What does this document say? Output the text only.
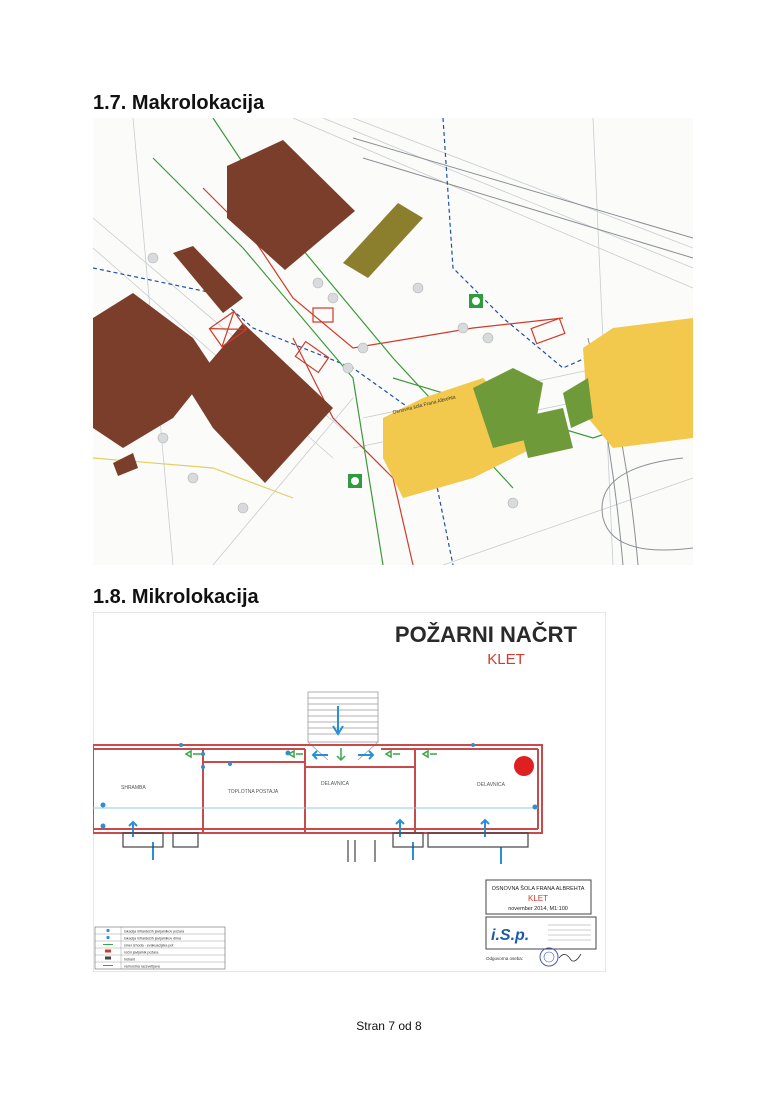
1.7. Makrolokacija
Osnovna šola Frana Albrehta
1.8. Mikrolokacija
POŽARNI NAČRT
KLET
SHRAMBA
TOPLOTNA POSTAJA
DELAVNICA	DELAVNICA
OSNOVNA ŠOLA FRANA ALBREHTA
KLET
november 2014, M1:100
i.S.p.
Odgovorna oseba:
lokacija infrardečih javljalnikov požara
lokacija infrardečih javljalnikov dima
smer izhoda - evakuacijska pot
ročni javljalnik požara
hidrant
varnostna razsvetljava
Stran 7 od 8
